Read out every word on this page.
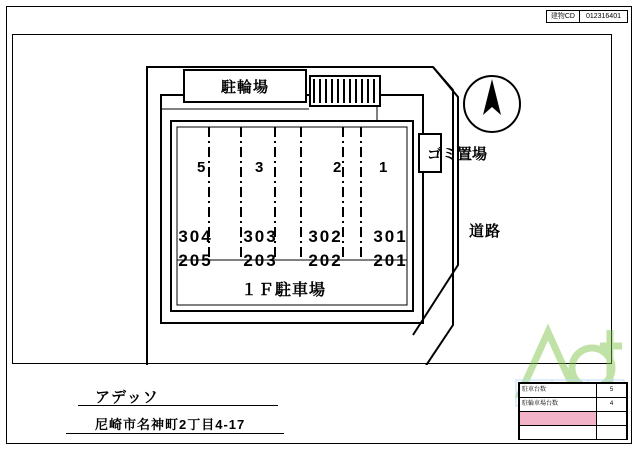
建物CD	012316401
駐輪場
ゴミ置場
道路
5	3	2	1
304	303	302	301
205	203	202	201
１Ｆ駐車場
アデッソ
尼崎市名神町2丁目4-17
駐車台数	5
駐輪車場台数	4
